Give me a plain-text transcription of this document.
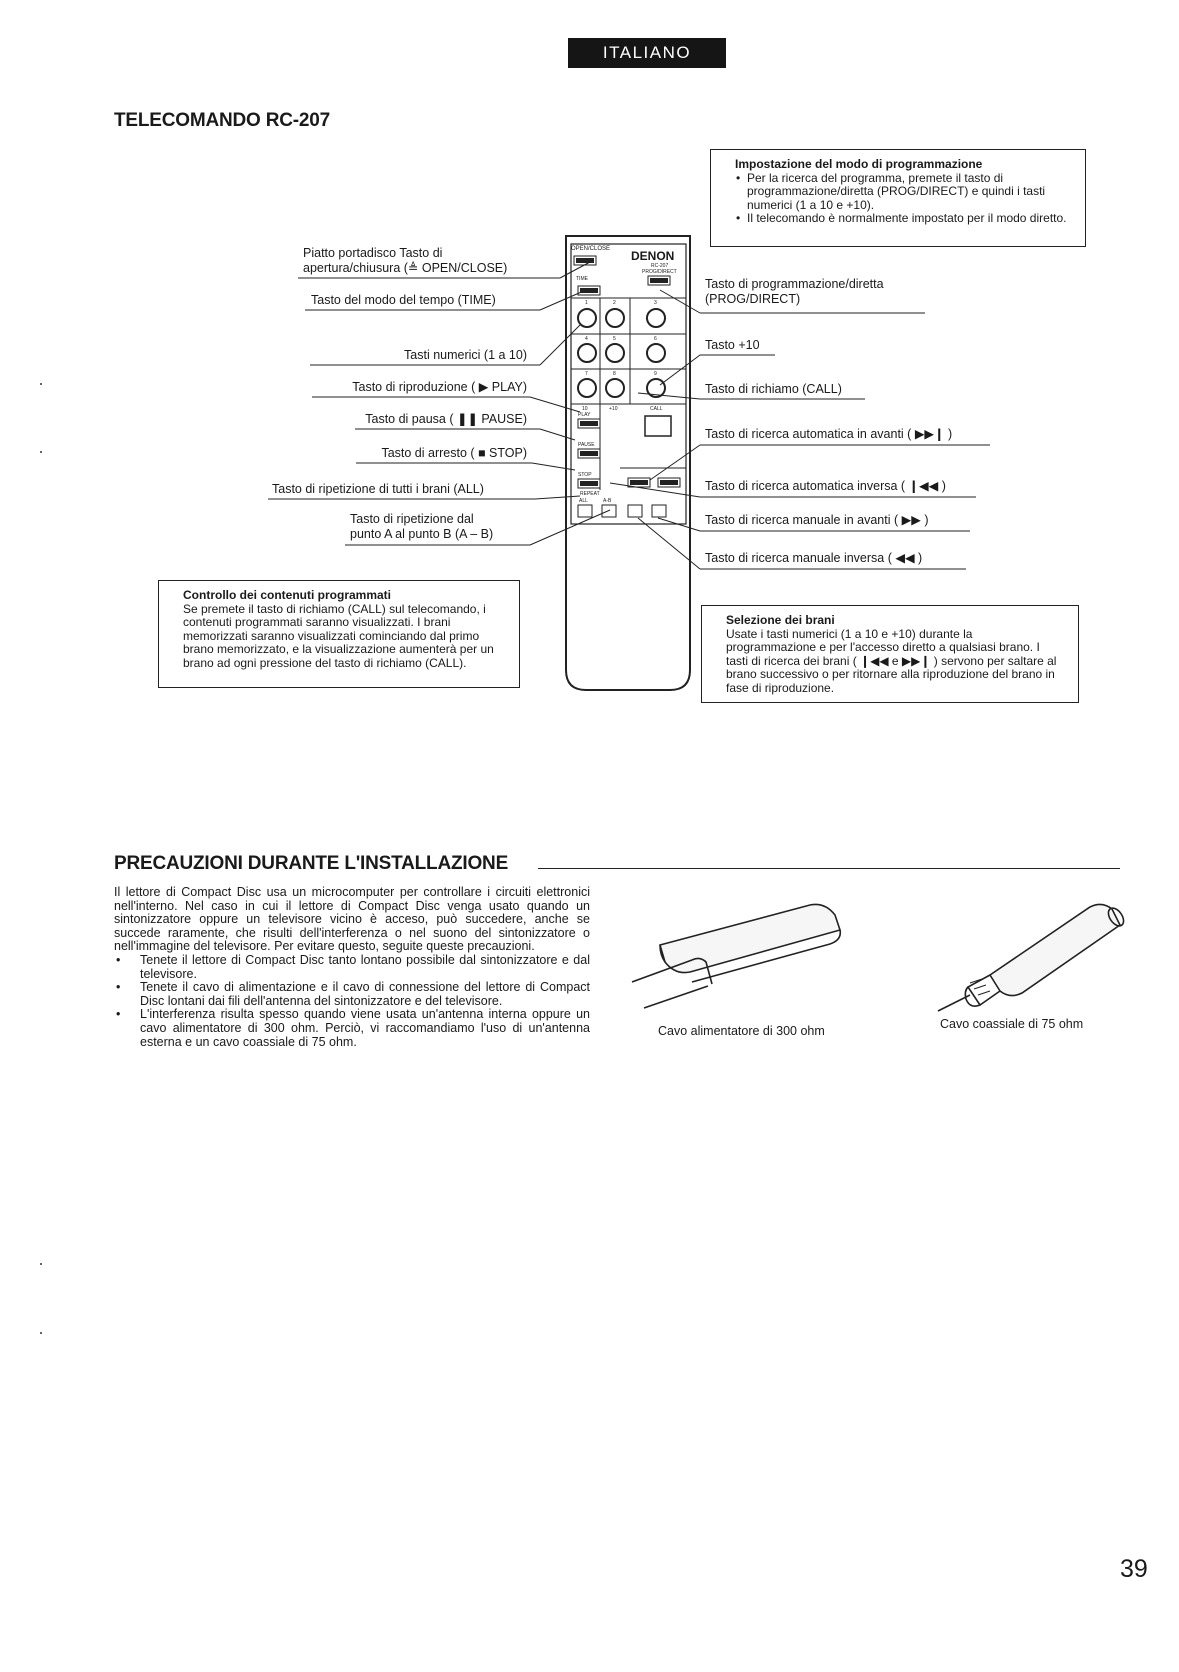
ITALIANO
TELECOMANDO RC-207
OPEN/CLOSE DENON
RC-207
TIME
PROG/DIRECT
1	2	3
4	5	6
7	8	9
10	+10	CALL
PLAY
PAUSE
STOP
REPEAT
ALL	A-B
Piatto portadisco Tasto di
apertura/chiusura (≜ OPEN/CLOSE)
Tasto del modo del tempo (TIME)
Tasti numerici (1 a 10)
Tasto di riproduzione ( ▶ PLAY)
Tasto di pausa ( ❚❚ PAUSE)
Tasto di arresto ( ■ STOP)
Tasto di ripetizione di tutti i brani (ALL)
Tasto di ripetizione dal
punto A al punto B (A – B)
Tasto di programmazione/diretta
(PROG/DIRECT)
Tasto +10
Tasto di richiamo (CALL)
Tasto di ricerca automatica in avanti ( ▶▶❙ )
Tasto di ricerca automatica inversa ( ❙◀◀ )
Tasto di ricerca manuale in avanti ( ▶▶ )
Tasto di ricerca manuale inversa ( ◀◀ )
Impostazione del modo di programmazione
• Per la ricerca del programma, premete il tasto di programmazione/diretta (PROG/DIRECT) e quindi i tasti numerici (1 a 10 e +10).
• Il telecomando è normalmente impostato per il modo diretto.
Controllo dei contenuti programmati
Se premete il tasto di richiamo (CALL) sul telecomando, i contenuti programmati saranno visualizzati. I brani memorizzati saranno visualizzati cominciando dal primo brano memorizzato, e la visualizzazione aumenterà per un brano ad ogni pressione del tasto di richiamo (CALL).
Selezione dei brani
Usate i tasti numerici (1 a 10 e +10) durante la programmazione e per l'accesso diretto a qualsiasi brano. I tasti di ricerca dei brani ( ❙◀◀ e ▶▶❙ ) servono per saltare al brano successivo o per ritornare alla riproduzione del brano in fase di riproduzione.
PRECAUZIONI DURANTE L'INSTALLAZIONE
Il lettore di Compact Disc usa un microcomputer per controllare i circuiti elettronici nell'interno. Nel caso in cui il lettore di Compact Disc venga usato quando un sintonizzatore oppure un televisore vicino è acceso, può succedere, anche se succede raramente, che risulti dell'interferenza o nel suono del sintonizzatore o nell'immagine del televisore. Per evitare questo, seguite queste precauzioni.
• Tenete il lettore di Compact Disc tanto lontano possibile dal sintonizzatore e dal televisore.
• Tenete il cavo di alimentazione e il cavo di connessione del lettore di Compact Disc lontani dai fili dell'antenna del sintonizzatore e del televisore.
• L'interferenza risulta spesso quando viene usata un'antenna interna oppure un cavo alimentatore di 300 ohm. Perciò, vi raccomandiamo l'uso di un'antenna esterna e un cavo coassiale di 75 ohm.
Cavo alimentatore di 300 ohm	Cavo coassiale di 75 ohm
39
